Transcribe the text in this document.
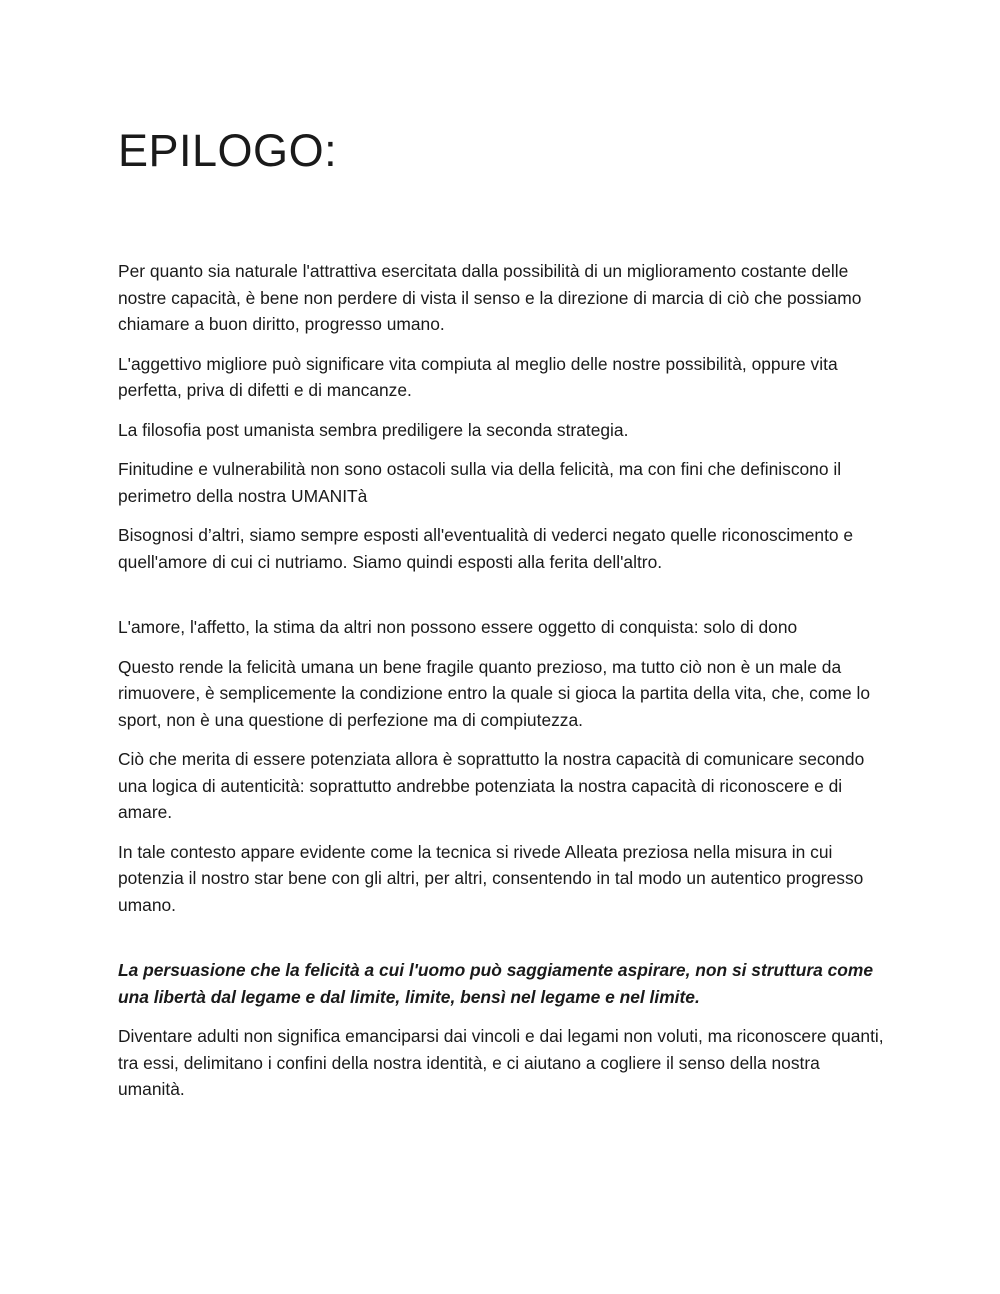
EPILOGO:

Per quanto sia naturale l'attrattiva esercitata dalla possibilità di un miglioramento costante delle nostre capacità, è bene non perdere di vista il senso e la direzione di marcia di ciò che possiamo chiamare a buon diritto, progresso umano.

L'aggettivo migliore può significare vita compiuta al meglio delle nostre possibilità, oppure vita perfetta, priva di difetti e di mancanze.

La filosofia post umanista sembra prediligere la seconda strategia.

Finitudine e vulnerabilità non sono ostacoli sulla via della felicità, ma con fini che definiscono il perimetro della nostra UMANITà

Bisognosi d’altri, siamo sempre esposti all'eventualità di vederci negato quelle riconoscimento e quell'amore di cui ci nutriamo. Siamo quindi esposti alla ferita dell'altro.

L'amore, l'affetto, la stima da altri non possono essere oggetto di conquista: solo di dono

Questo rende la felicità umana un bene fragile quanto prezioso, ma tutto ciò non è un male da rimuovere, è semplicemente la condizione entro la quale si gioca la partita della vita, che, come lo sport, non è una questione di perfezione ma di compiutezza.

Ciò che merita di essere potenziata allora è soprattutto la nostra capacità di comunicare secondo una logica di autenticità: soprattutto andrebbe potenziata la nostra capacità di riconoscere e di amare.

In tale contesto appare evidente come la tecnica si rivede Alleata preziosa nella misura in cui potenzia il nostro star bene con gli altri, per altri, consentendo in tal modo un autentico progresso umano.

La persuasione che la felicità a cui l'uomo può saggiamente aspirare, non si struttura come una libertà dal legame e dal limite, limite, bensì nel legame e nel limite.

Diventare adulti non significa emanciparsi dai vincoli e dai legami non voluti, ma riconoscere quanti, tra essi, delimitano i confini della nostra identità, e ci aiutano a cogliere il senso della nostra umanità.
